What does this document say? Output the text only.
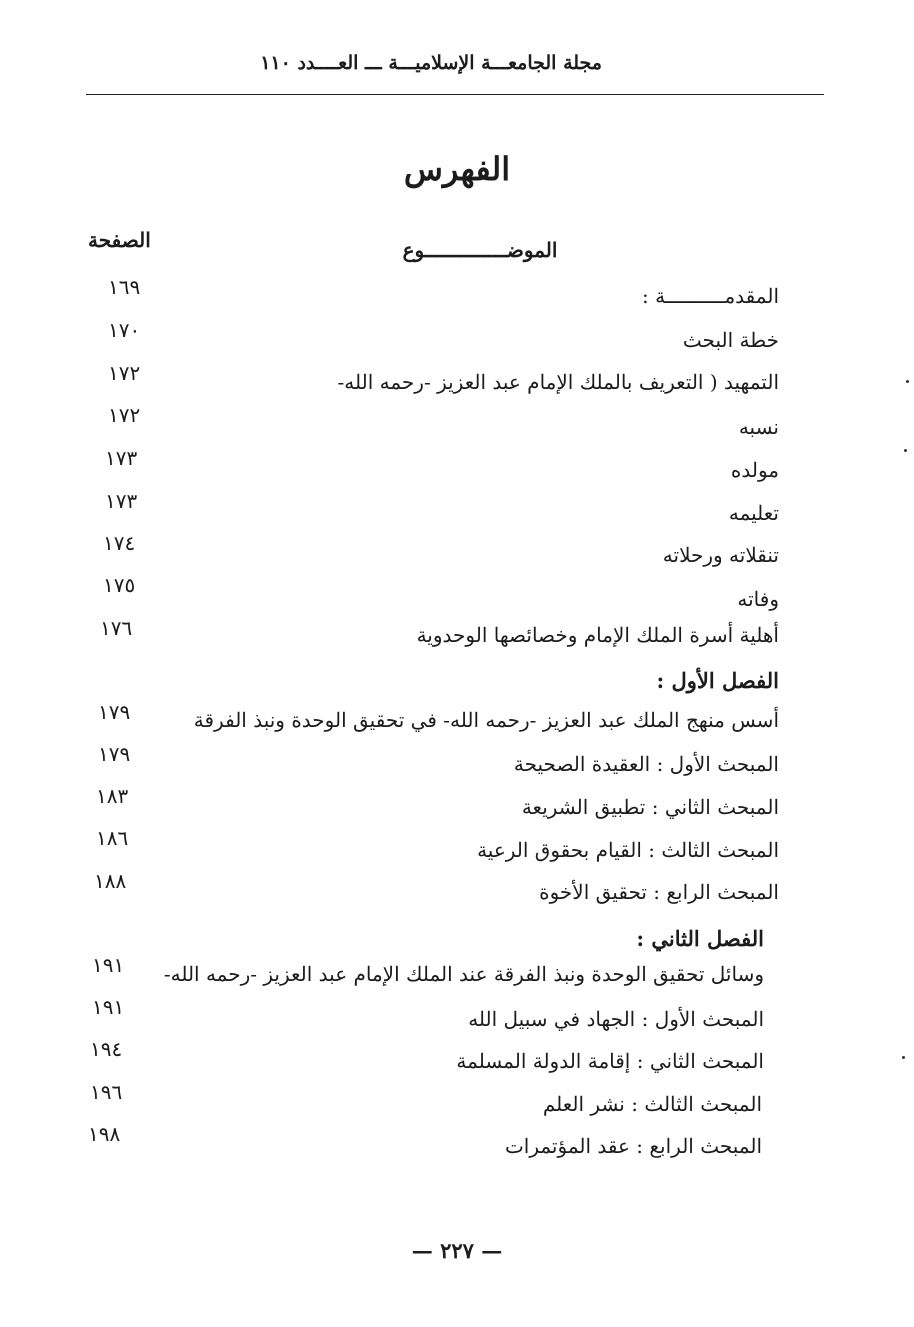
مجلة الجامعـــة الإسلاميـــة ـــ العــــدد ١١٠
الفهرس
الموضــــــــــــــوع
الصفحة
المقدمــــــــــة :
١٦٩
خطة البحث
١٧٠
التمهيد ( التعريف بالملك الإمام عبد العزيز -رحمه الله-
١٧٢
نسبه
١٧٢
مولده
١٧٣
تعليمه
١٧٣
تنقلاته ورحلاته
١٧٤
وفاته
١٧٥
أهلية أسرة الملك الإمام وخصائصها الوحدوية
١٧٦
الفصل الأول :
أسس منهج الملك عبد العزيز -رحمه الله- في تحقيق الوحدة ونبذ الفرقة
١٧٩
المبحث الأول : العقيدة الصحيحة
١٧٩
المبحث الثاني : تطبيق الشريعة
١٨٣
المبحث الثالث : القيام بحقوق الرعية
١٨٦
المبحث الرابع : تحقيق الأخوة
١٨٨
الفصل الثاني :
وسائل تحقيق الوحدة ونبذ الفرقة عند الملك الإمام عبد العزيز -رحمه الله-
١٩١
المبحث الأول : الجهاد في سبيل الله
١٩١
المبحث الثاني : إقامة الدولة المسلمة
١٩٤
المبحث الثالث : نشر العلم
١٩٦
المبحث الرابع : عقد المؤتمرات
١٩٨
— ٢٢٧ —
